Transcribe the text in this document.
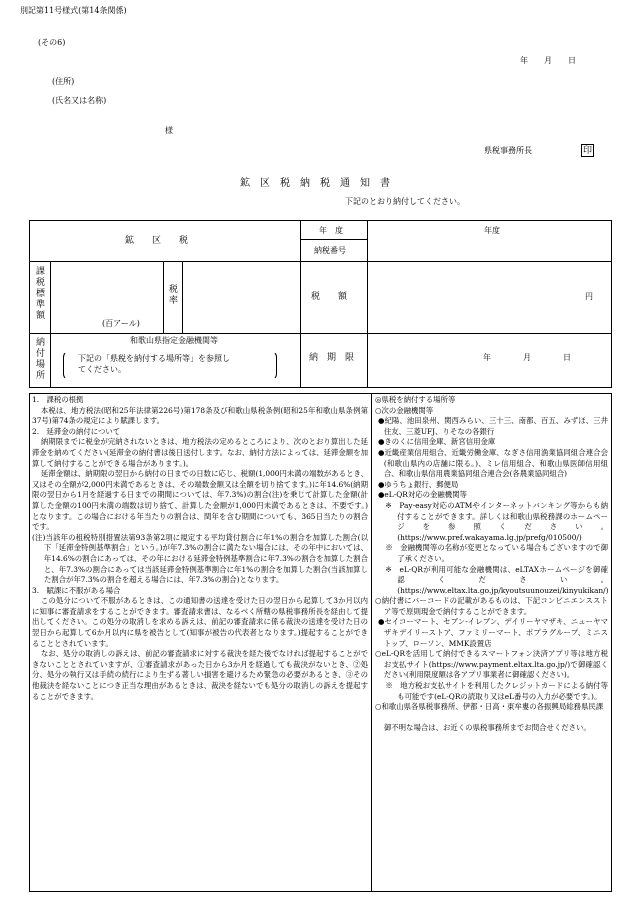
別記第11号様式(第14条関係)
(その6)
年　　月　　日
(住所)
(氏名又は名称)
様
県税事務所長	印
鉱　区　税　納　税　通　知　書
下記のとおり納付してください。
鉱　　区　　税
年　度	年度
納税番号
課税標準額
(百アール)
税率	税　　額	円
納付場所	和歌山県指定金融機関等
下記の「県税を納付する場所等」を参照し
てください。
納　期　限	年　　　　月　　　　日
1.　課税の根拠
本税は、地方税法(昭和25年法律第226号)第178条及び和歌山県税条例(昭和25年和歌山県条例第37号)第74条の規定により賦課します。
2.　延滞金の納付について
納期限までに税金が完納されないときは、地方税法の定めるところにより、次のとおり算出した延滞金を納めてください(延滞金の納付書は後日送付します。なお、納付方法によっては、延滞金額を加算して納付することができる場合があります。)。
延滞金額は、納期限の翌日から納付の日までの日数に応じ、税額(1,000円未満の端数があるとき、又はその全額が2,000円未満であるときは、その端数金額又は全額を切り捨てます。)に年14.6%(納期限の翌日から1月を経過する日までの期間については、年7.3%)の割合(注)を乗じて計算した金額(計算した金額の100円未満の端数は切り捨て、計算した金額が1,000円未満であるときは、不要です。)となります。この場合における年当たりの割合は、閏年を含む期間についても、365日当たりの割合です。
(注)当該年の租税特別措置法第93条第2項に規定する平均貸付割合に年1%の割合を加算した割合(以下「延滞金特例基準割合」という。)が年7.3%の割合に満たない場合には、その年中においては、年14.6%の割合にあっては、その年における延滞金特例基準割合に年7.3%の割合を加算した割合と、年7.3%の割合にあっては当該延滞金特例基準割合に年1%の割合を加算した割合(当該加算した割合が年7.3%の割合を超える場合には、年7.3%の割合)となります。
3.　賦課に不服がある場合
この処分について不服があるときは、この通知書の送達を受けた日の翌日から起算して3か月以内に知事に審査請求をすることができます。審査請求書は、なるべく所轄の県税事務所長を経由して提出してください。この処分の取消しを求める訴えは、前記の審査請求に係る裁決の送達を受けた日の翌日から起算して6か月以内に県を被告として(知事が被告の代表者となります。)提起することができることとされています。
なお、処分の取消しの訴えは、前記の審査請求に対する裁決を経た後でなければ提起することができないこととされていますが、①審査請求があった日から3か月を経過しても裁決がないとき、②処分、処分の執行又は手続の続行により生ずる著しい損害を避けるため緊急の必要があるとき、③その他裁決を経ないことにつき正当な理由があるときは、裁決を経ないでも処分の取消しの訴えを提起することができます。
◎県税を納付する場所等
○次の金融機関等
●紀陽、池田泉州、関西みらい、三十三、南都、百五、みずほ、三井住友、三菱UFJ、りそなの各銀行
●きのくに信用金庫、新宮信用金庫
●近畿産業信用組合、近畿労働金庫、なぎさ信用漁業協同組合連合会(和歌山県内の店舗に限る。)、ミレ信用組合、和歌山県医師信用組合、和歌山県信用農業協同組合連合会(各農業協同組合)
●ゆうちょ銀行、郵便局
●eL-QR対応の金融機関等
※　Pay-easy対応のATMやインターネットバンキング等からも納付することができます。詳しくは和歌山県税務課のホームページを参照ください。(https://www.pref.wakayama.lg.jp/prefg/010500/)
※　金融機関等の名称が変更となっている場合もございますので御了承ください。
※　eL-QRが利用可能な金融機関は、eLTAXホームページを御確認ください。(https://www.eltax.lta.go.jp/kyoutsuunouzei/kinyukikan/)
○納付書にバーコードの記載があるものは、下記コンビニエンスストア等で原則現金で納付することができます。
●セイコーマート、セブン-イレブン、デイリーヤマザキ、ニューヤマザキデイリーストア、ファミリーマート、ポプラグループ、ミニストップ、ローソン、MMK設置店
○eL-QRを活用して納付できるスマートフォン決済アプリ等は地方税お支払サイト(https://www.payment.eltax.lta.go.jp/)で御確認ください(利用限度額は各アプリ事業者に御確認ください)。
※　地方税お支払サイトを利用したクレジットカードによる納付等も可能です(eL-QRの読取り又はeL番号の入力が必要です。)。
○和歌山県各県税事務所、伊都・日高・東牟婁の各振興局総務県民課
御不明な場合は、お近くの県税事務所までお問合せください。
